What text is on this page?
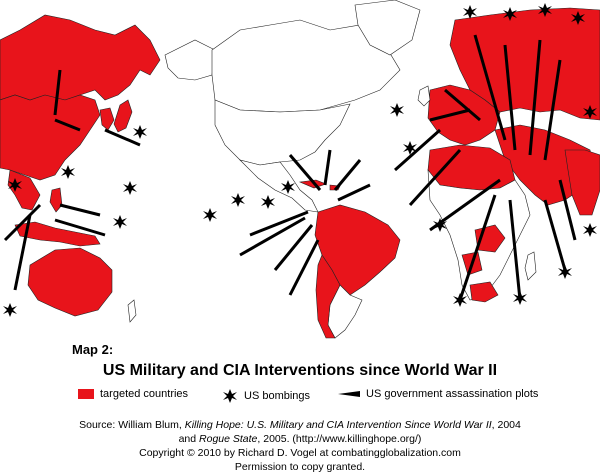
Map 2:
US Military and CIA Interventions since World War II
targeted countries	US bombings	US government assassination plots
Source: William Blum, Killing Hope: U.S. Military and CIA Intervention Since World War II, 2004
and Rogue State, 2005. (http://www.killinghope.org/)
Copyright © 2010 by Richard D. Vogel at combatingglobalization.com
Permission to copy granted.
